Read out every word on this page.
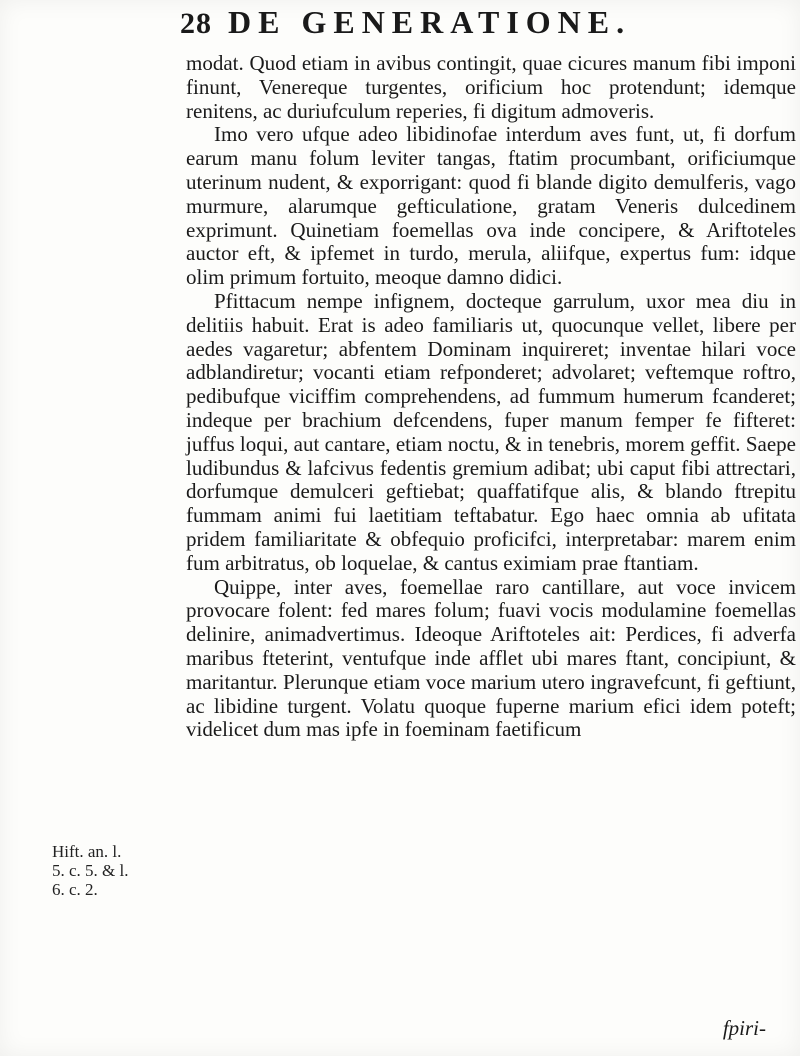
28 DE GENERATIONE.

modat. Quod etiam in avibus contingit, quae cicures manum fibi imponi finunt, Venereque turgentes, orificium hoc protendunt; idemque renitens, ac duriufculum reperies, fi digitum admoveris.

Imo vero ufque adeo libidinofae interdum aves funt, ut, fi dorfum earum manu folum leviter tangas, ftatim procumbant, orificiumque uterinum nudent, & exporrigant: quod fi blande digito demulferis, vago murmure, alarumque gefticulatione, gratam Veneris dulcedinem exprimunt. Quinetiam foemellas ova inde concipere, & Ariftoteles auctor eft, & ipfemet in turdo, merula, aliifque, expertus fum: idque olim primum fortuito, meoque damno didici.

Pfittacum nempe infignem, docteque garrulum, uxor mea diu in delitiis habuit. Erat is adeo familiaris ut, quocunque vellet, libere per aedes vagaretur; abfentem Dominam inquireret; inventae hilari voce adblandiretur; vocanti etiam refponderet; advolaret; veftemque roftro, pedibufque viciffim comprehendens, ad fummum humerum fcanderet; indeque per brachium defcendens, fuper manum femper fe fifteret: juffus loqui, aut cantare, etiam noctu, & in tenebris, morem geffit. Saepe ludibundus & lafcivus fedentis gremium adibat; ubi caput fibi attrectari, dorfumque demulceri geftiebat; quaffatifque alis, & blando ftrepitu fummam animi fui laetitiam teftabatur. Ego haec omnia ab ufitata pridem familiaritate & obfequio proficifci, interpretabar: marem enim fum arbitratus, ob loquelae, & cantus eximiam prae ftantiam.

Quippe, inter aves, foemellae raro cantillare, aut voce invicem provocare folent: fed mares folum; fuavi vocis modulamine foemellas delinire, animadvertimus. Ideoque Ariftoteles ait: Perdices, fi adverfa maribus fteterint, ventufque inde afflet ubi mares ftant, concipiunt, & maritantur. Plerunque etiam voce marium utero ingravefcunt, fi geftiunt, ac libidine turgent. Volatu quoque fuperne marium efici idem poteft; videlicet dum mas ipfe in foeminam faetificum

Hift. an. l. 5. c. 5. & l. 6. c. 2.
fpiri-
